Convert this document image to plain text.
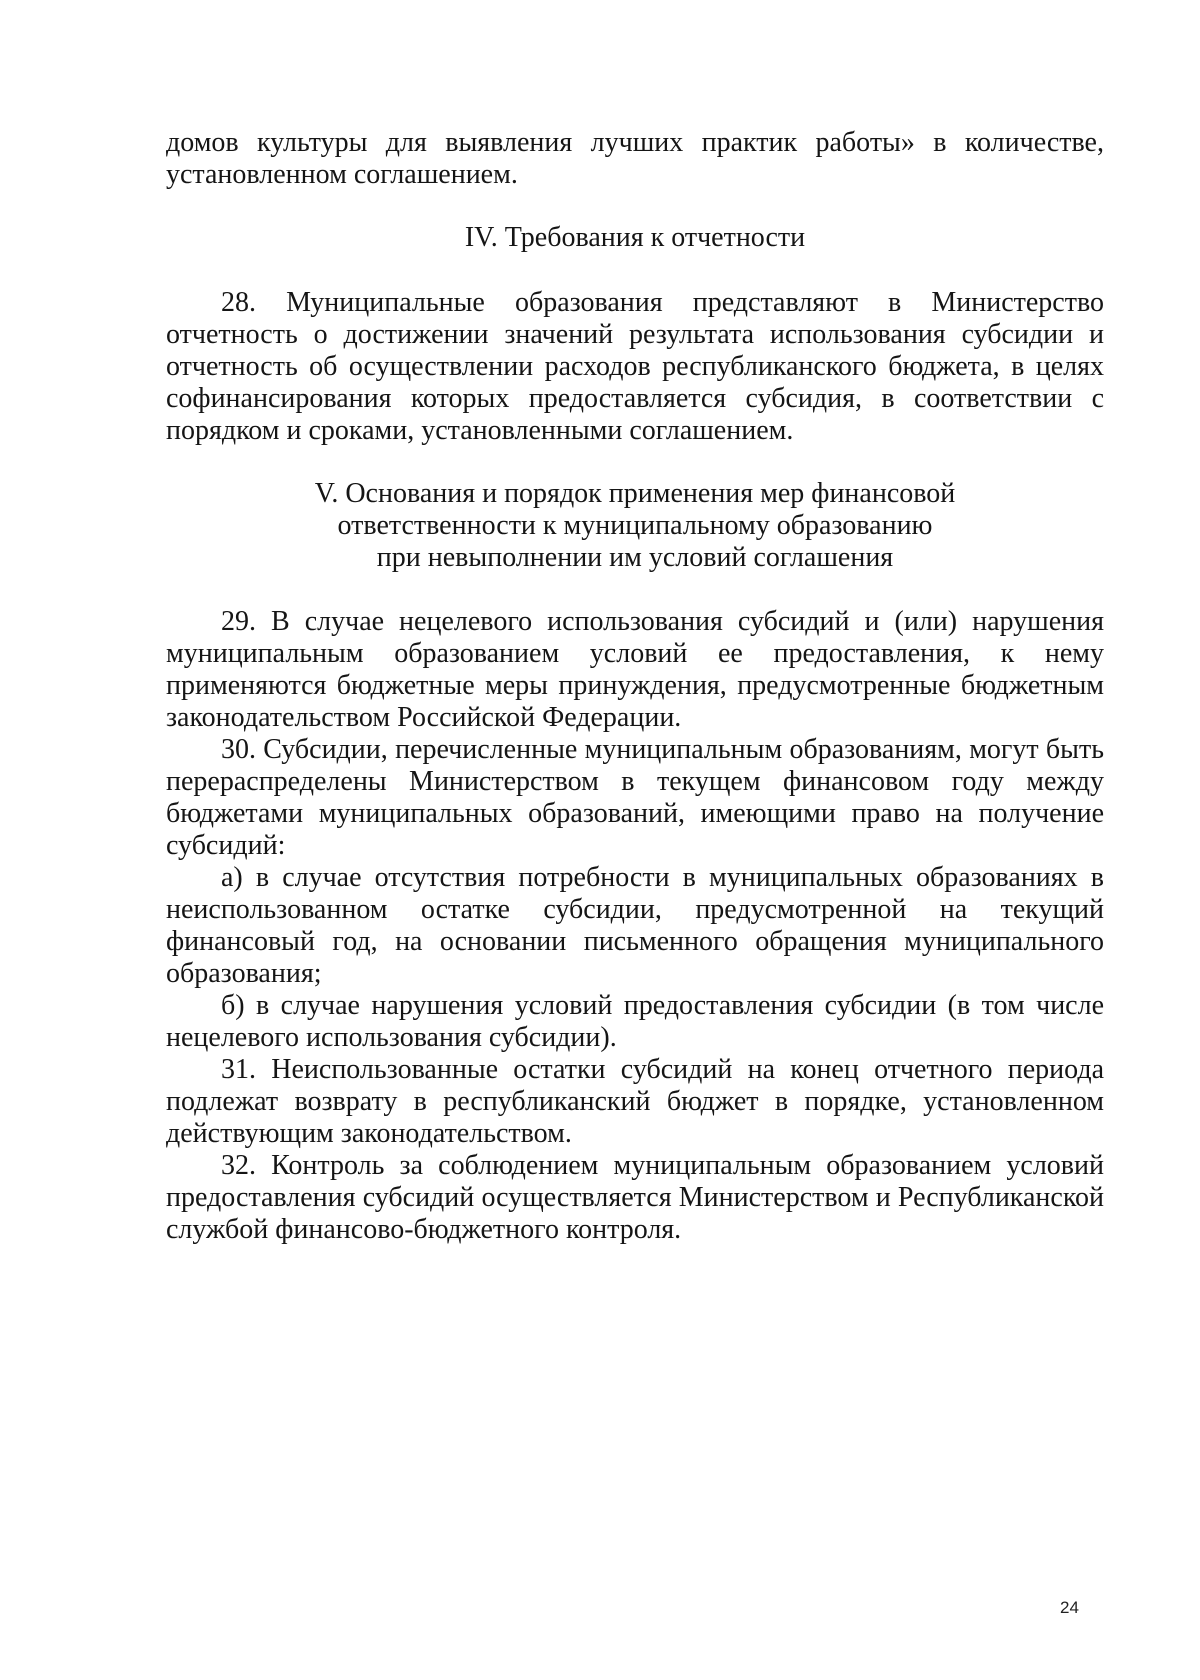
домов культуры для выявления лучших практик работы» в количестве, установленном соглашением.

IV. Требования к отчетности

28. Муниципальные образования представляют в Министерство отчетность о достижении значений результата использования субсидии и отчетность об осуществлении расходов республиканского бюджета, в целях софинансирования которых предоставляется субсидия, в соответствии с порядком и сроками, установленными соглашением.

V. Основания и порядок применения мер финансовой
ответственности к муниципальному образованию
при невыполнении им условий соглашения

29. В случае нецелевого использования субсидий и (или) нарушения муниципальным образованием условий ее предоставления, к нему применяются бюджетные меры принуждения, предусмотренные бюджетным законодательством Российской Федерации.

30. Субсидии, перечисленные муниципальным образованиям, могут быть перераспределены Министерством в текущем финансовом году между бюджетами муниципальных образований, имеющими право на получение субсидий:

а) в случае отсутствия потребности в муниципальных образованиях в неиспользованном остатке субсидии, предусмотренной на текущий финансовый год, на основании письменного обращения муниципального образования;

б) в случае нарушения условий предоставления субсидии (в том числе нецелевого использования субсидии).

31. Неиспользованные остатки субсидий на конец отчетного периода подлежат возврату в республиканский бюджет в порядке, установленном действующим законодательством.

32. Контроль за соблюдением муниципальным образованием условий предоставления субсидий осуществляется Министерством и Республиканской службой финансово-бюджетного контроля.

24
